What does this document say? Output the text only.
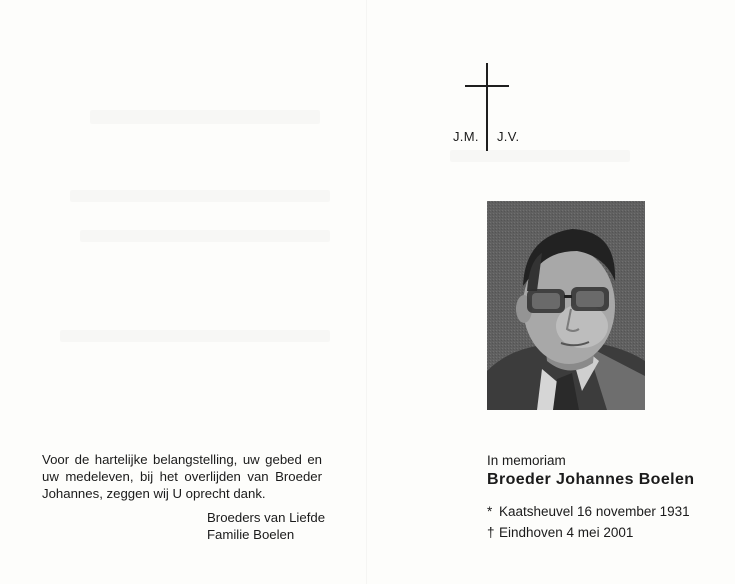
J.M. J.V.
In memoriam
Broeder Johannes Boelen
* Kaatsheuvel 16 november 1931
† Eindhoven 4 mei 2001
Voor de hartelijke belangstelling, uw gebed en uw medeleven, bij het overlijden van Broeder Johannes, zeggen wij U oprecht dank.
Broeders van Liefde
Familie Boelen
